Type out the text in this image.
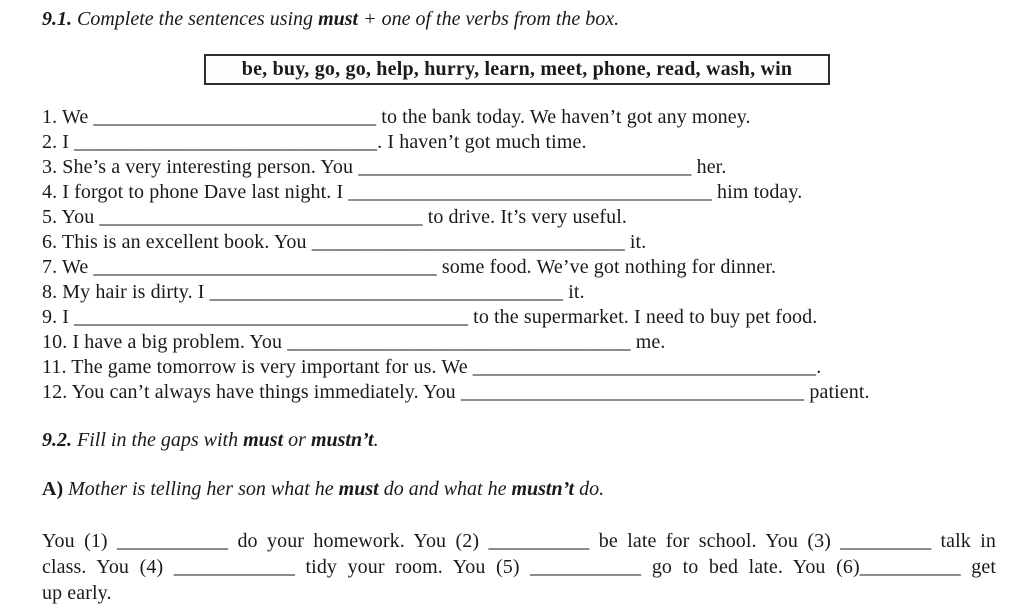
9.1. Complete the sentences using must + one of the verbs from the box.
be, buy, go, go, help, hurry, learn, meet, phone, read, wash, win
1. We ____________________________ to the bank today. We haven’t got any money.
2. I ______________________________. I haven’t got much time.
3. She’s a very interesting person. You _________________________________ her.
4. I forgot to phone Dave last night. I ____________________________________ him today.
5. You ________________________________ to drive. It’s very useful.
6. This is an excellent book. You _______________________________ it.
7. We __________________________________ some food. We’ve got nothing for dinner.
8. My hair is dirty. I ___________________________________ it.
9. I _______________________________________ to the supermarket. I need to buy pet food.
10. I have a big problem. You __________________________________ me.
11. The game tomorrow is very important for us. We __________________________________.
12. You can’t always have things immediately. You __________________________________ patient.
9.2. Fill in the gaps with must or mustn’t.
A) Mother is telling her son what he must do and what he mustn’t do.
You (1) ___________ do your homework. You (2) __________ be late for school. You (3) _________ talk in
class. You (4) ____________ tidy your room. You (5) ___________ go to bed late. You (6)__________ get
up early.
